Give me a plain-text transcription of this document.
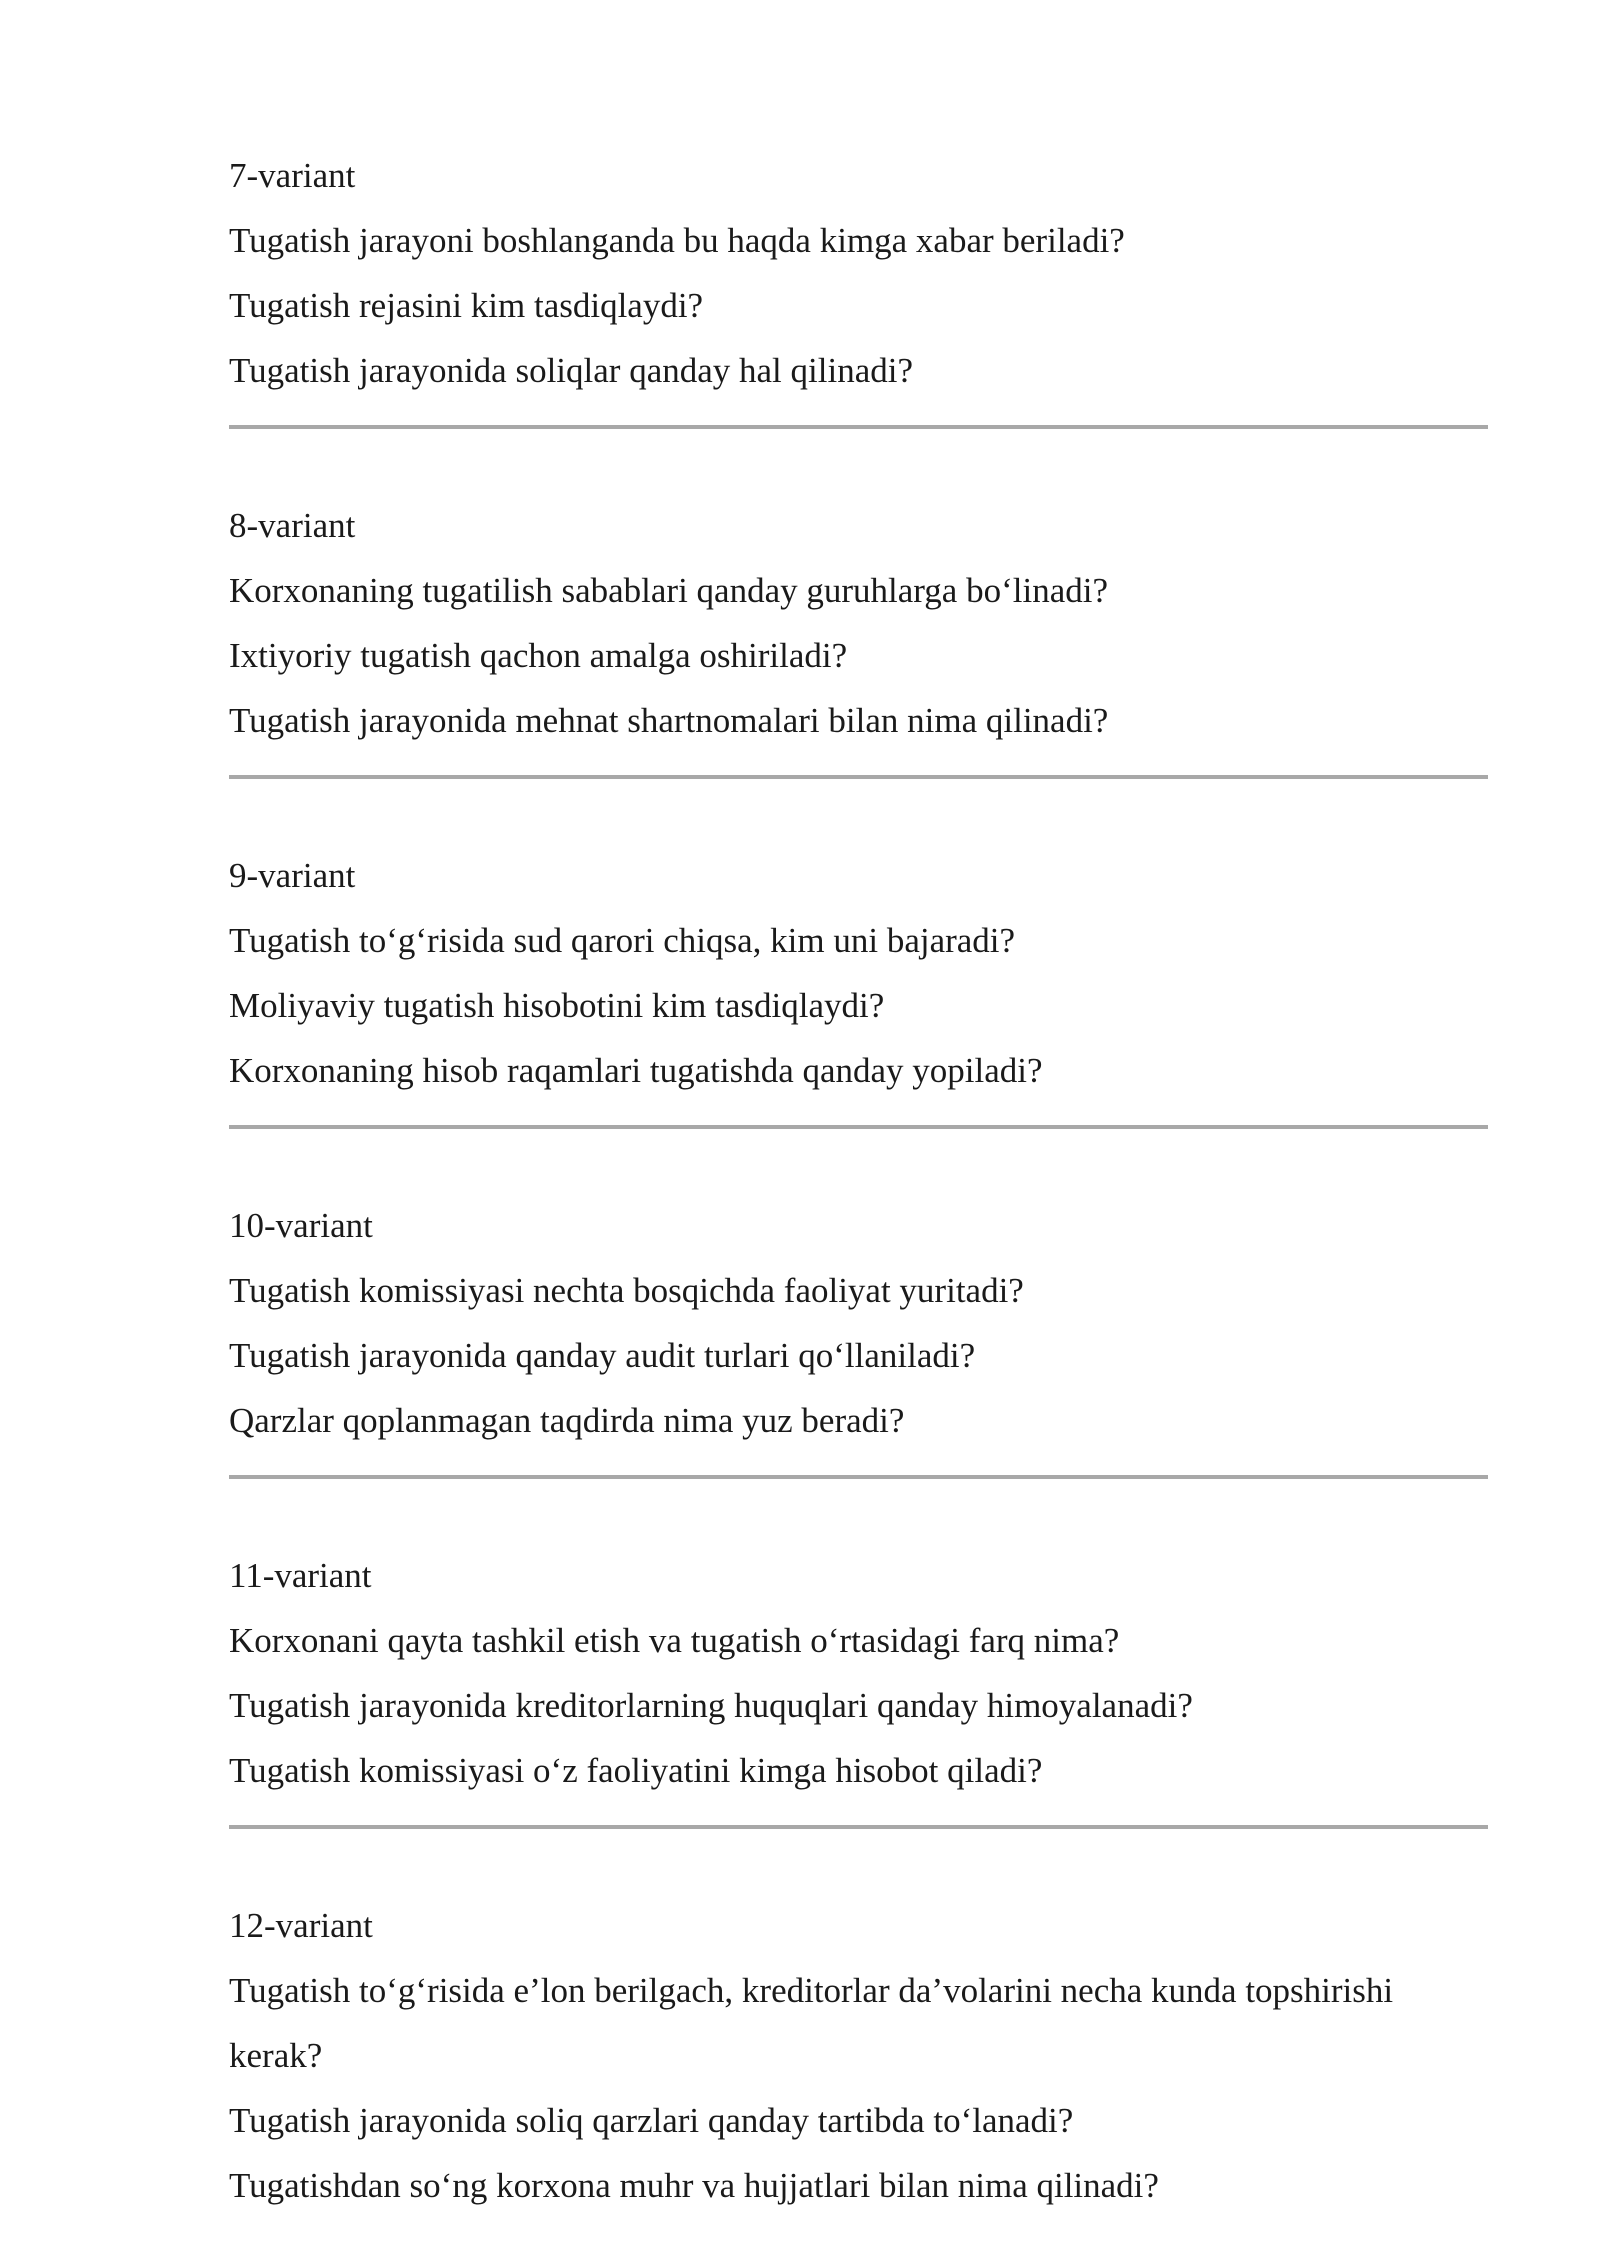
7-variant

Tugatish jarayoni boshlanganda bu haqda kimga xabar beriladi?

Tugatish rejasini kim tasdiqlaydi?

Tugatish jarayonida soliqlar qanday hal qilinadi?

8-variant

Korxonaning tugatilish sabablari qanday guruhlarga boʻlinadi?

Ixtiyoriy tugatish qachon amalga oshiriladi?

Tugatish jarayonida mehnat shartnomalari bilan nima qilinadi?

9-variant

Tugatish toʻgʻrisida sud qarori chiqsa, kim uni bajaradi?

Moliyaviy tugatish hisobotini kim tasdiqlaydi?

Korxonaning hisob raqamlari tugatishda qanday yopiladi?

10-variant

Tugatish komissiyasi nechta bosqichda faoliyat yuritadi?

Tugatish jarayonida qanday audit turlari qoʻllaniladi?

Qarzlar qoplanmagan taqdirda nima yuz beradi?

11-variant

Korxonani qayta tashkil etish va tugatish oʻrtasidagi farq nima?

Tugatish jarayonida kreditorlarning huquqlari qanday himoyalanadi?

Tugatish komissiyasi oʻz faoliyatini kimga hisobot qiladi?

12-variant

Tugatish toʻgʻrisida e’lon berilgach, kreditorlar da’volarini necha kunda topshirishi kerak?

Tugatish jarayonida soliq qarzlari qanday tartibda toʻlanadi?

Tugatishdan soʻng korxona muhr va hujjatlari bilan nima qilinadi?
